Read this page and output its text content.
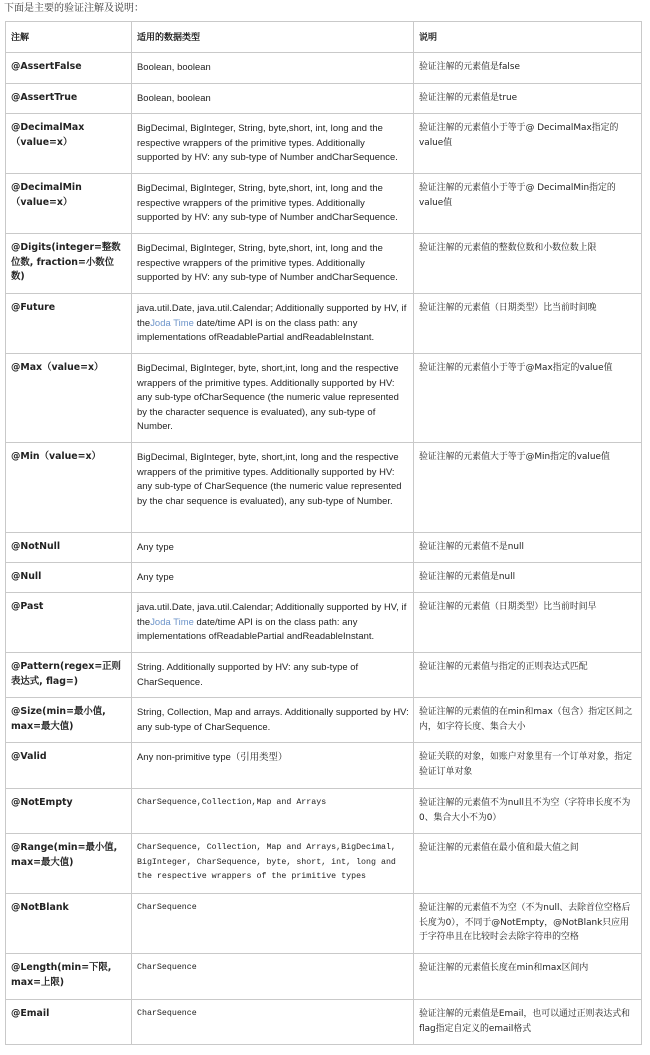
下面是主要的验证注解及说明：
注解	适用的数据类型	说明
@AssertFalse	Boolean, boolean	验证注解的元素值是false
@AssertTrue	Boolean, boolean	验证注解的元素值是true
@DecimalMax（value=x）	BigDecimal, BigInteger, String, byte,short, int, long and the respective wrappers of the primitive types. Additionally supported by HV: any sub-type of Number andCharSequence.	验证注解的元素值小于等于@ DecimalMax指定的value值
@DecimalMin（value=x）	BigDecimal, BigInteger, String, byte,short, int, long and the respective wrappers of the primitive types. Additionally supported by HV: any sub-type of Number andCharSequence.	验证注解的元素值小于等于@ DecimalMin指定的value值
@Digits(integer=整数位数, fraction=小数位数)	BigDecimal, BigInteger, String, byte,short, int, long and the respective wrappers of the primitive types. Additionally supported by HV: any sub-type of Number andCharSequence.	验证注解的元素值的整数位数和小数位数上限
@Future	java.util.Date, java.util.Calendar; Additionally supported by HV, if theJoda Time date/time API is on the class path: any implementations ofReadablePartial andReadableInstant.	验证注解的元素值（日期类型）比当前时间晚
@Max（value=x）	BigDecimal, BigInteger, byte, short,int, long and the respective wrappers of the primitive types. Additionally supported by HV: any sub-type ofCharSequence (the numeric value represented by the character sequence is evaluated), any sub-type of Number.	验证注解的元素值小于等于@Max指定的value值
@Min（value=x）	BigDecimal, BigInteger, byte, short,int, long and the respective wrappers of the primitive types. Additionally supported by HV: any sub-type of CharSequence (the numeric value represented by the char sequence is evaluated), any sub-type of Number.	验证注解的元素值大于等于@Min指定的value值
@NotNull	Any type	验证注解的元素值不是null
@Null	Any type	验证注解的元素值是null
@Past	java.util.Date, java.util.Calendar; Additionally supported by HV, if theJoda Time date/time API is on the class path: any implementations ofReadablePartial andReadableInstant.	验证注解的元素值（日期类型）比当前时间早
@Pattern(regex=正则表达式, flag=)	String. Additionally supported by HV: any sub-type of CharSequence.	验证注解的元素值与指定的正则表达式匹配
@Size(min=最小值, max=最大值)	String, Collection, Map and arrays. Additionally supported by HV: any sub-type of CharSequence.	验证注解的元素值的在min和max（包含）指定区间之内，如字符长度、集合大小
@Valid	Any non-primitive type（引用类型）	验证关联的对象，如账户对象里有一个订单对象，指定验证订单对象
@NotEmpty	CharSequence,Collection,Map and Arrays	验证注解的元素值不为null且不为空（字符串长度不为0、集合大小不为0）
@Range(min=最小值, max=最大值)	CharSequence, Collection, Map and Arrays,BigDecimal, BigInteger, CharSequence, byte, short, int, long and the respective wrappers of the primitive types	验证注解的元素值在最小值和最大值之间
@NotBlank	CharSequence	验证注解的元素值不为空（不为null、去除首位空格后长度为0），不同于@NotEmpty，@NotBlank只应用于字符串且在比较时会去除字符串的空格
@Length(min=下限, max=上限)	CharSequence	验证注解的元素值长度在min和max区间内
@Email	CharSequence	验证注解的元素值是Email，也可以通过正则表达式和flag指定自定义的email格式
